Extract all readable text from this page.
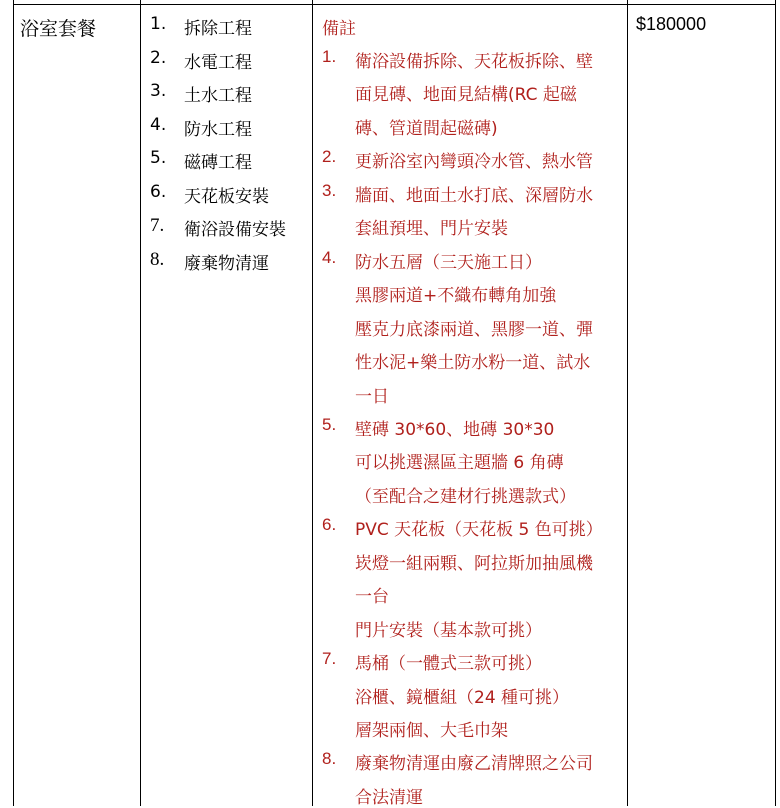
浴室套餐	1. 拆除工程
2. 水電工程
3. 土水工程
4. 防水工程
5. 磁磚工程
6. 天花板安裝
7. 衛浴設備安裝
8. 廢棄物清運
備註
1. 衛浴設備拆除、天花板拆除、壁
面見磚、地面見結構(RC 起磁
磚、管道間起磁磚)
2. 更新浴室內彎頭冷水管、熱水管
3. 牆面、地面土水打底、深層防水
套組預埋、門片安裝
4. 防水五層（三天施工日）
黑膠兩道+不織布轉角加強
壓克力底漆兩道、黑膠一道、彈
性水泥+樂土防水粉一道、試水
一日
5. 壁磚 30*60、地磚 30*30
可以挑選濕區主題牆 6 角磚
（至配合之建材行挑選款式）
6. PVC 天花板（天花板 5 色可挑）
崁燈一組兩顆、阿拉斯加抽風機
一台
門片安裝（基本款可挑）
7. 馬桶（一體式三款可挑）
浴櫃、鏡櫃組（24 種可挑）
層架兩個、大毛巾架
8. 廢棄物清運由廢乙清牌照之公司
合法清運
$180000
